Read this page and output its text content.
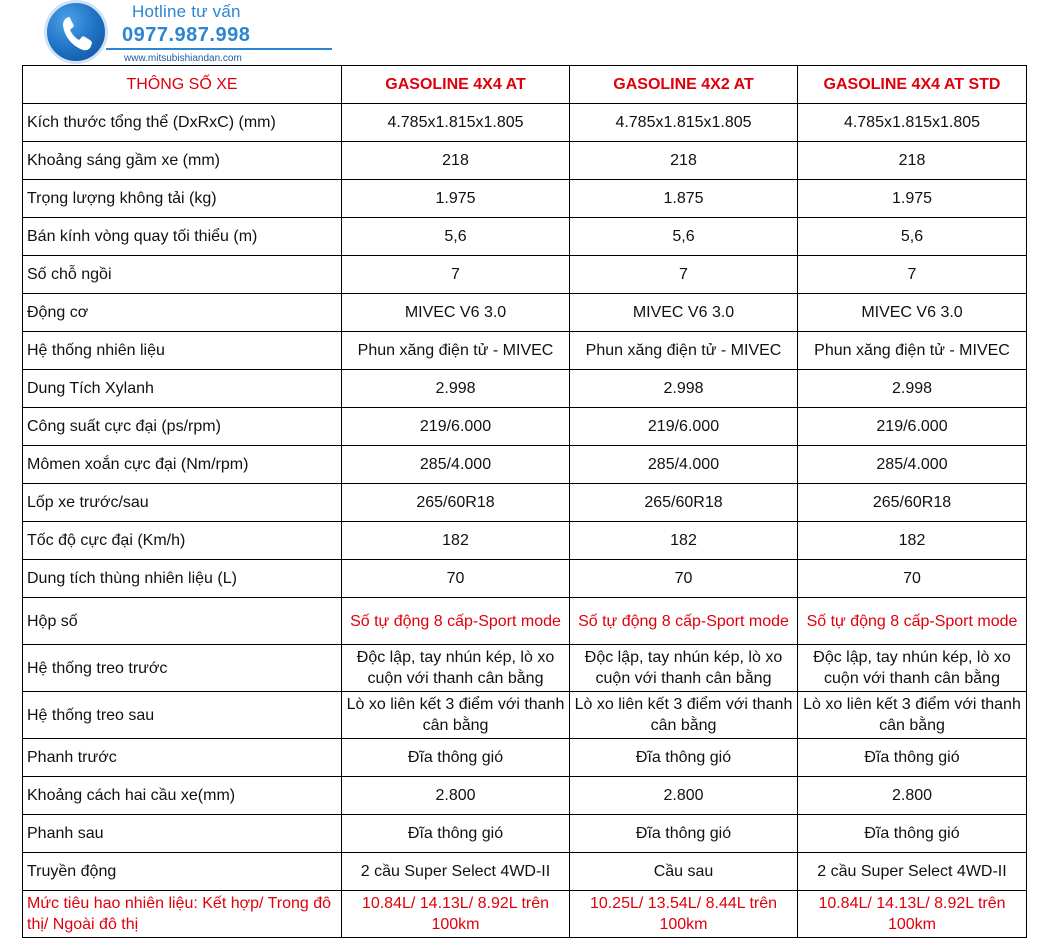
Hotline tư vấn
0977.987.998
www.mitsubishiandan.com
THÔNG SỐ XE	GASOLINE 4X4 AT	GASOLINE 4X2 AT	GASOLINE 4X4 AT STD
Kích thước tổng thể (DxRxC) (mm)	4.785x1.815x1.805	4.785x1.815x1.805	4.785x1.815x1.805
Khoảng sáng gầm xe (mm)	218	218	218
Trọng lượng không tải (kg)	1.975	1.875	1.975
Bán kính vòng quay tối thiểu (m)	5,6	5,6	5,6
Số chỗ ngồi	7	7	7
Động cơ	MIVEC V6 3.0	MIVEC V6 3.0	MIVEC V6 3.0
Hệ thống nhiên liệu	Phun xăng điện tử - MIVEC	Phun xăng điện tử - MIVEC	Phun xăng điện tử - MIVEC
Dung Tích Xylanh	2.998	2.998	2.998
Công suất cực đại (ps/rpm)	219/6.000	219/6.000	219/6.000
Mômen xoắn cực đại (Nm/rpm)	285/4.000	285/4.000	285/4.000
Lốp xe trước/sau	265/60R18	265/60R18	265/60R18
Tốc độ cực đại (Km/h)	182	182	182
Dung tích thùng nhiên liệu (L)	70	70	70
Hộp số	Số tự động 8 cấp-Sport mode	Số tự động 8 cấp-Sport mode	Số tự động 8 cấp-Sport mode
Hệ thống treo trước	Độc lập, tay nhún kép, lò xo cuộn với thanh cân bằng	Độc lập, tay nhún kép, lò xo cuộn với thanh cân bằng	Độc lập, tay nhún kép, lò xo cuộn với thanh cân bằng
Hệ thống treo sau	Lò xo liên kết 3 điểm với thanh cân bằng	Lò xo liên kết 3 điểm với thanh cân bằng	Lò xo liên kết 3 điểm với thanh cân bằng
Phanh trước	Đĩa thông gió	Đĩa thông gió	Đĩa thông gió
Khoảng cách hai cầu xe(mm)	2.800	2.800	2.800
Phanh sau	Đĩa thông gió	Đĩa thông gió	Đĩa thông gió
Truyền động	2 cầu Super Select 4WD-II	Cầu sau	2 cầu Super Select 4WD-II
Mức tiêu hao nhiên liệu: Kết hợp/ Trong đô thị/ Ngoài đô thị	10.84L/ 14.13L/ 8.92L trên 100km	10.25L/ 13.54L/ 8.44L trên 100km	10.84L/ 14.13L/ 8.92L trên 100km
